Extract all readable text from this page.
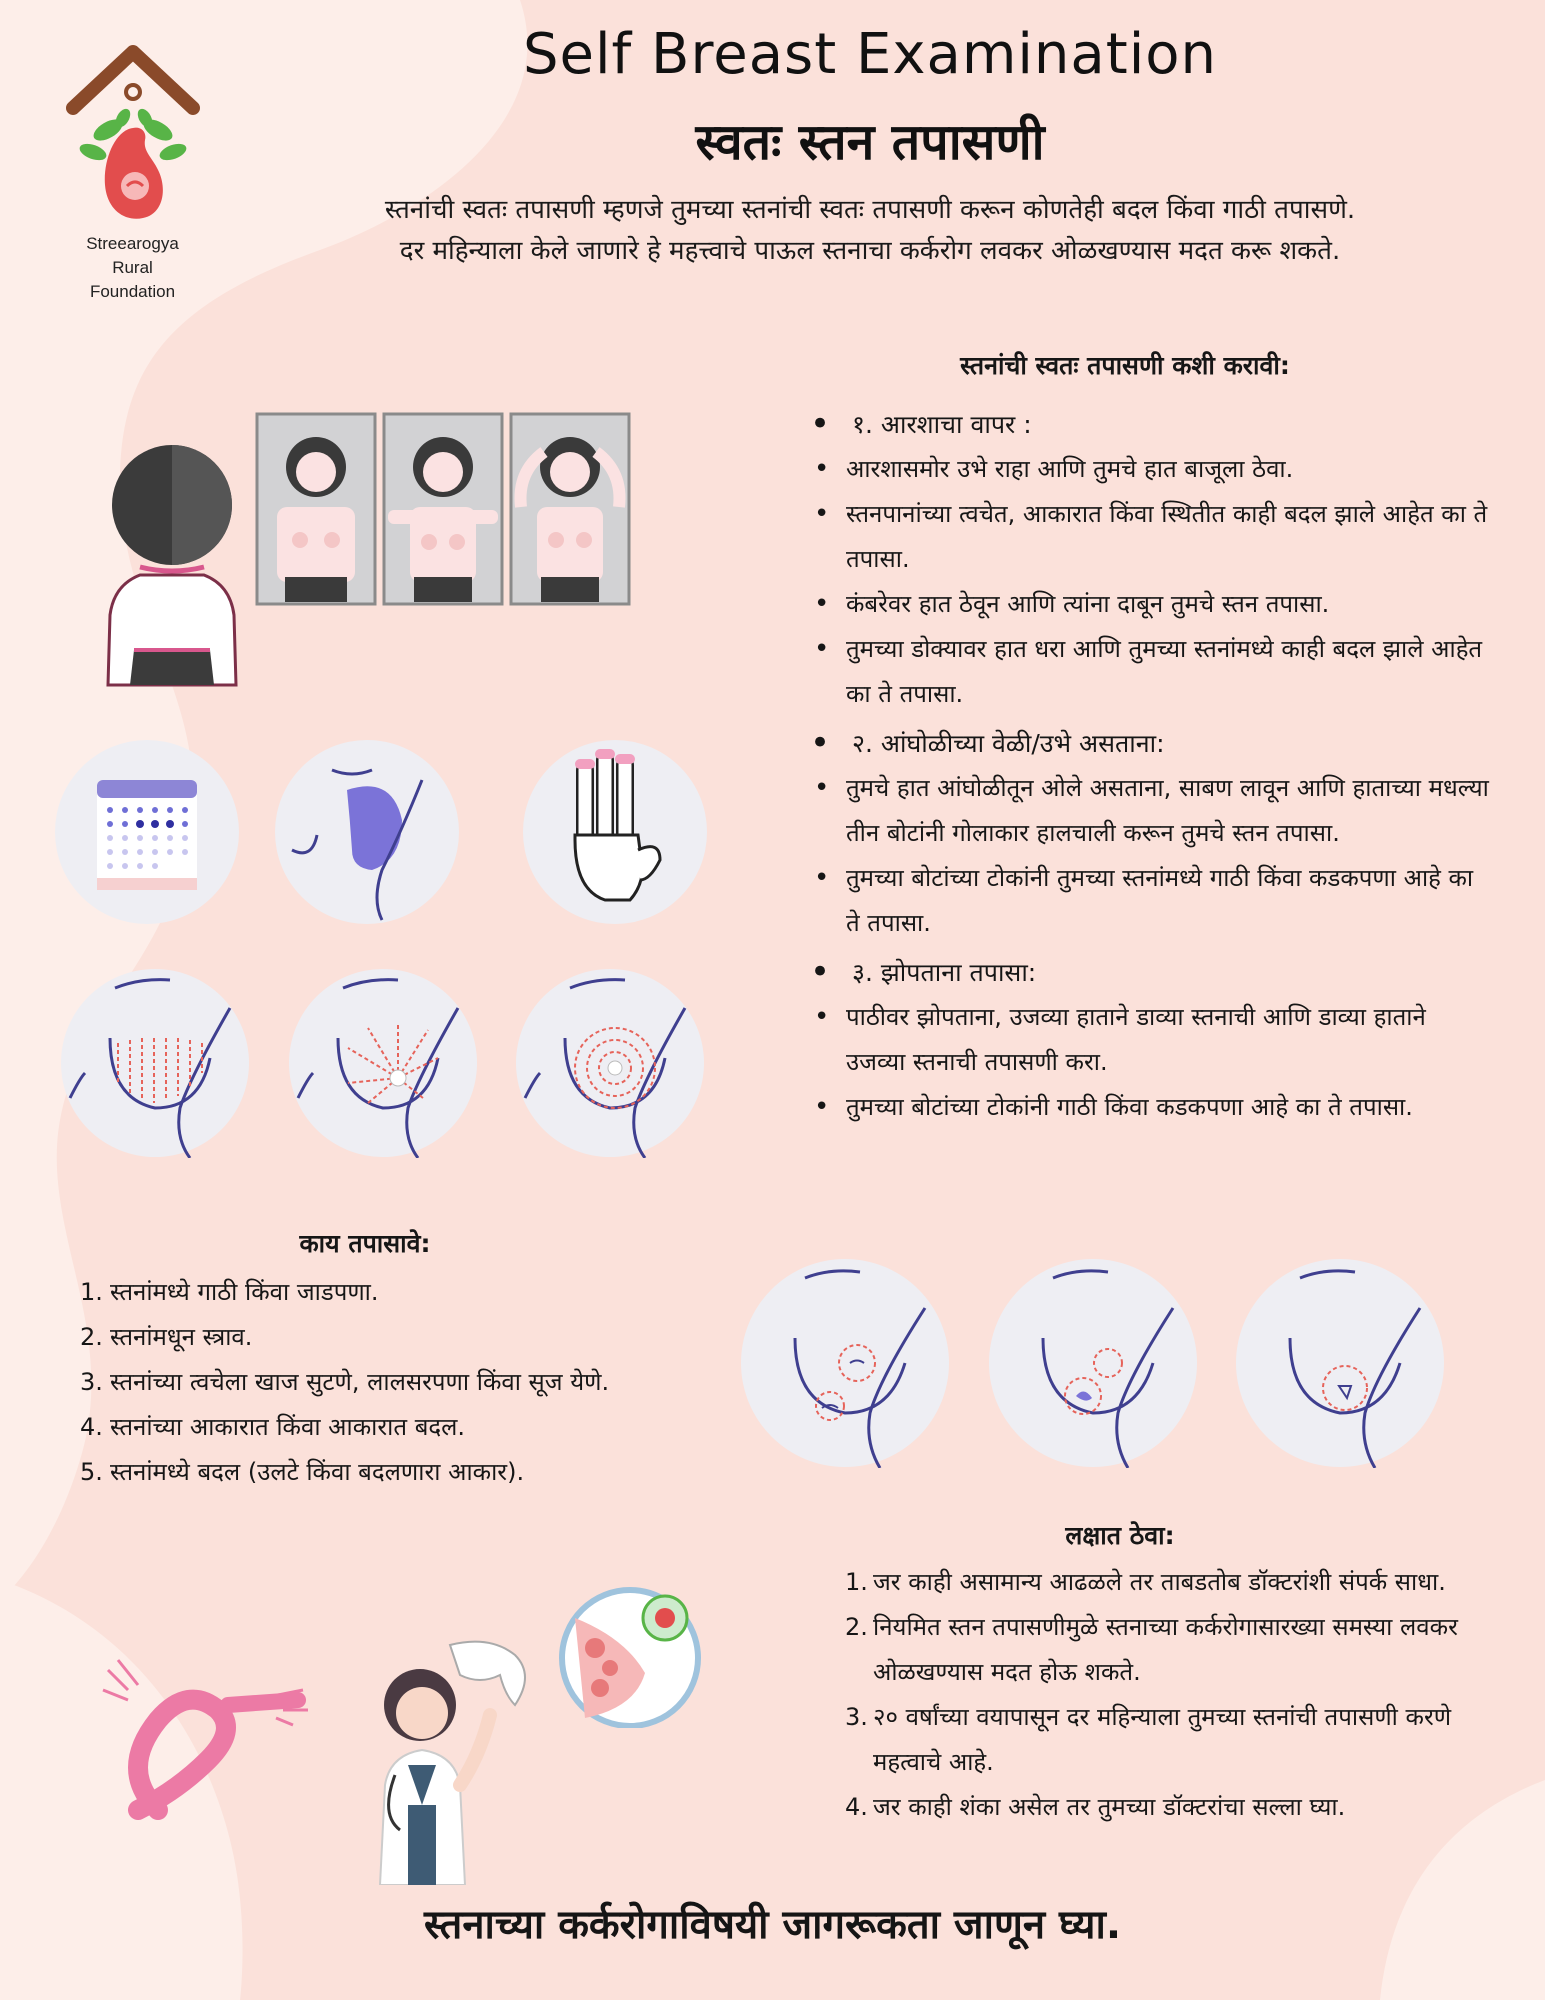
Streearogya
Rural
Foundation
Self Breast Examination
स्वतः स्तन तपासणी

स्तनांची स्वतः तपासणी म्हणजे तुमच्या स्तनांची स्वतः तपासणी करून कोणतेही बदल किंवा गाठी तपासणे. दर महिन्याला केले जाणारे हे महत्त्वाचे पाऊल स्तनाचा कर्करोग लवकर ओळखण्यास मदत करू शकते.

स्तनांची स्वतः तपासणी कशी करावी:
• १. आरशाचा वापर :
• आरशासमोर उभे राहा आणि तुमचे हात बाजूला ठेवा.
• स्तनपानांच्या त्वचेत, आकारात किंवा स्थितीत काही बदल झाले आहेत का ते तपासा.
• कंबरेवर हात ठेवून आणि त्यांना दाबून तुमचे स्तन तपासा.
• तुमच्या डोक्यावर हात धरा आणि तुमच्या स्तनांमध्ये काही बदल झाले आहेत का ते तपासा.
• २. आंघोळीच्या वेळी/उभे असताना:
• तुमचे हात आंघोळीतून ओले असताना, साबण लावून आणि हाताच्या मधल्या तीन बोटांनी गोलाकार हालचाली करून तुमचे स्तन तपासा.
• तुमच्या बोटांच्या टोकांनी तुमच्या स्तनांमध्ये गाठी किंवा कडकपणा आहे का ते तपासा.
• ३. झोपताना तपासा:
• पाठीवर झोपताना, उजव्या हाताने डाव्या स्तनाची आणि डाव्या हाताने उजव्या स्तनाची तपासणी करा.
• तुमच्या बोटांच्या टोकांनी गाठी किंवा कडकपणा आहे का ते तपासा.
काय तपासावे:
1. स्तनांमध्ये गाठी किंवा जाडपणा.
2. स्तनांमधून स्त्राव.
3. स्तनांच्या त्वचेला खाज सुटणे, लालसरपणा किंवा सूज येणे.
4. स्तनांच्या आकारात किंवा आकारात बदल.
5. स्तनांमध्ये बदल (उलटे किंवा बदलणारा आकार).
लक्षात ठेवा:
1. जर काही असामान्य आढळले तर ताबडतोब डॉक्टरांशी संपर्क साधा.
2. नियमित स्तन तपासणीमुळे स्तनाच्या कर्करोगासारख्या समस्या लवकर ओळखण्यास मदत होऊ शकते.
3. २० वर्षांच्या वयापासून दर महिन्याला तुमच्या स्तनांची तपासणी करणे महत्वाचे आहे.
4. जर काही शंका असेल तर तुमच्या डॉक्टरांचा सल्ला घ्या.
स्तनाच्या कर्करोगाविषयी जागरूकता जाणून घ्या.
